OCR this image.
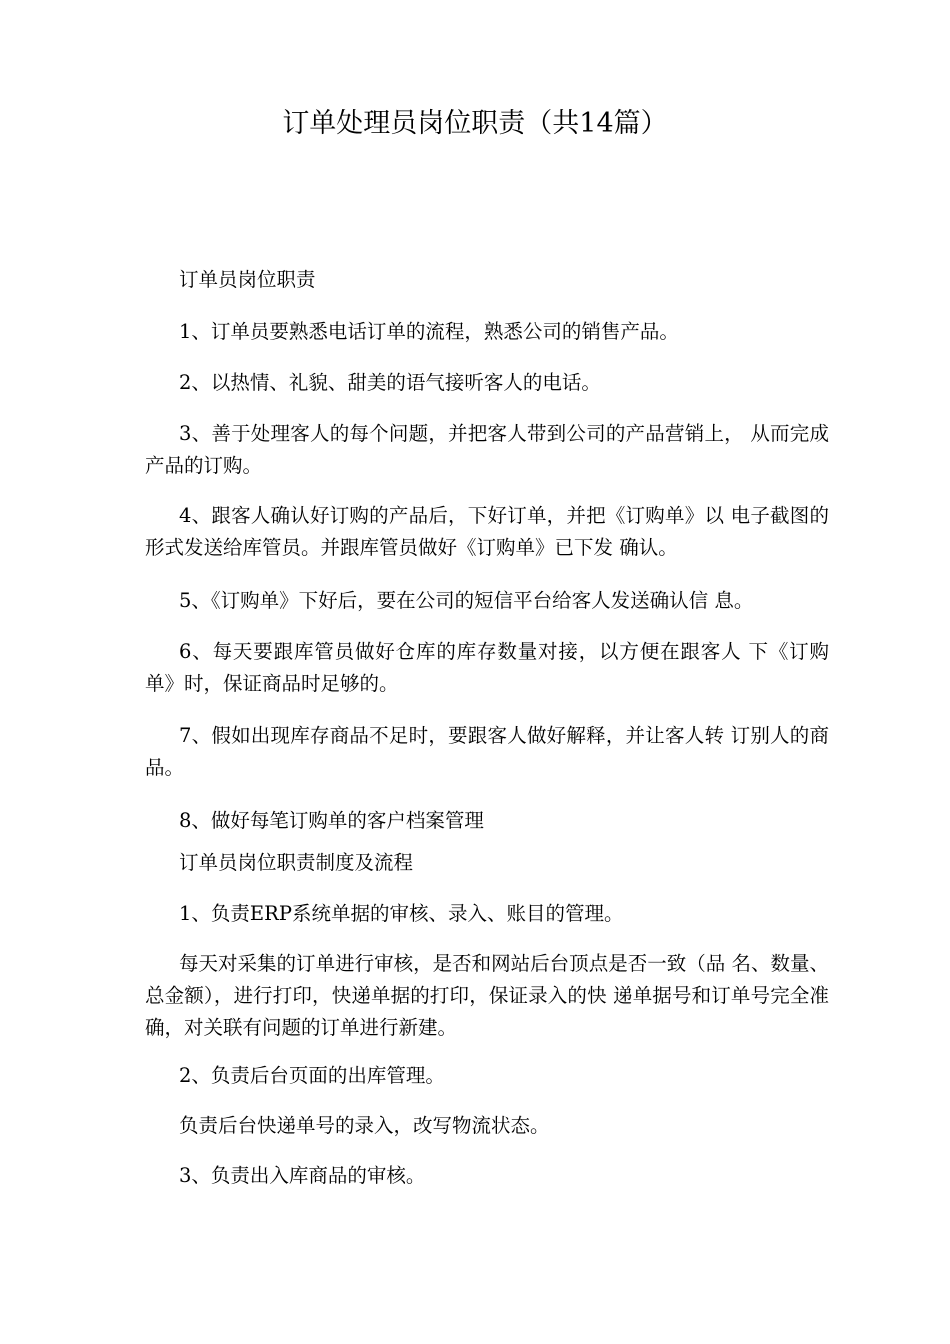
订单处理员岗位职责（共14篇）

订单员岗位职责

1、订单员要熟悉电话订单的流程，熟悉公司的销售产品。

2、以热情、礼貌、甜美的语气接听客人的电话。

3、善于处理客人的每个问题，并把客人带到公司的产品营销上， 从而完成产品的订购。

4、跟客人确认好订购的产品后，下好订单，并把《订购单》以 电子截图的形式发送给库管员。并跟库管员做好《订购单》已下发 确认。

5、《订购单》下好后，要在公司的短信平台给客人发送确认信 息。

6、每天要跟库管员做好仓库的库存数量对接，以方便在跟客人 下《订购单》时，保证商品时足够的。

7、假如出现库存商品不足时，要跟客人做好解释，并让客人转 订别人的商品。

8、做好每笔订购单的客户档案管理

订单员岗位职责制度及流程

1、负责ERP系统单据的审核、录入、账目的管理。

每天对采集的订单进行审核，是否和网站后台顶点是否一致（品 名、数量、总金额），进行打印，快递单据的打印，保证录入的快 递单据号和订单号完全准确，对关联有问题的订单进行新建。

2、负责后台页面的出库管理。

负责后台快递单号的录入，改写物流状态。

3、负责出入库商品的审核。
